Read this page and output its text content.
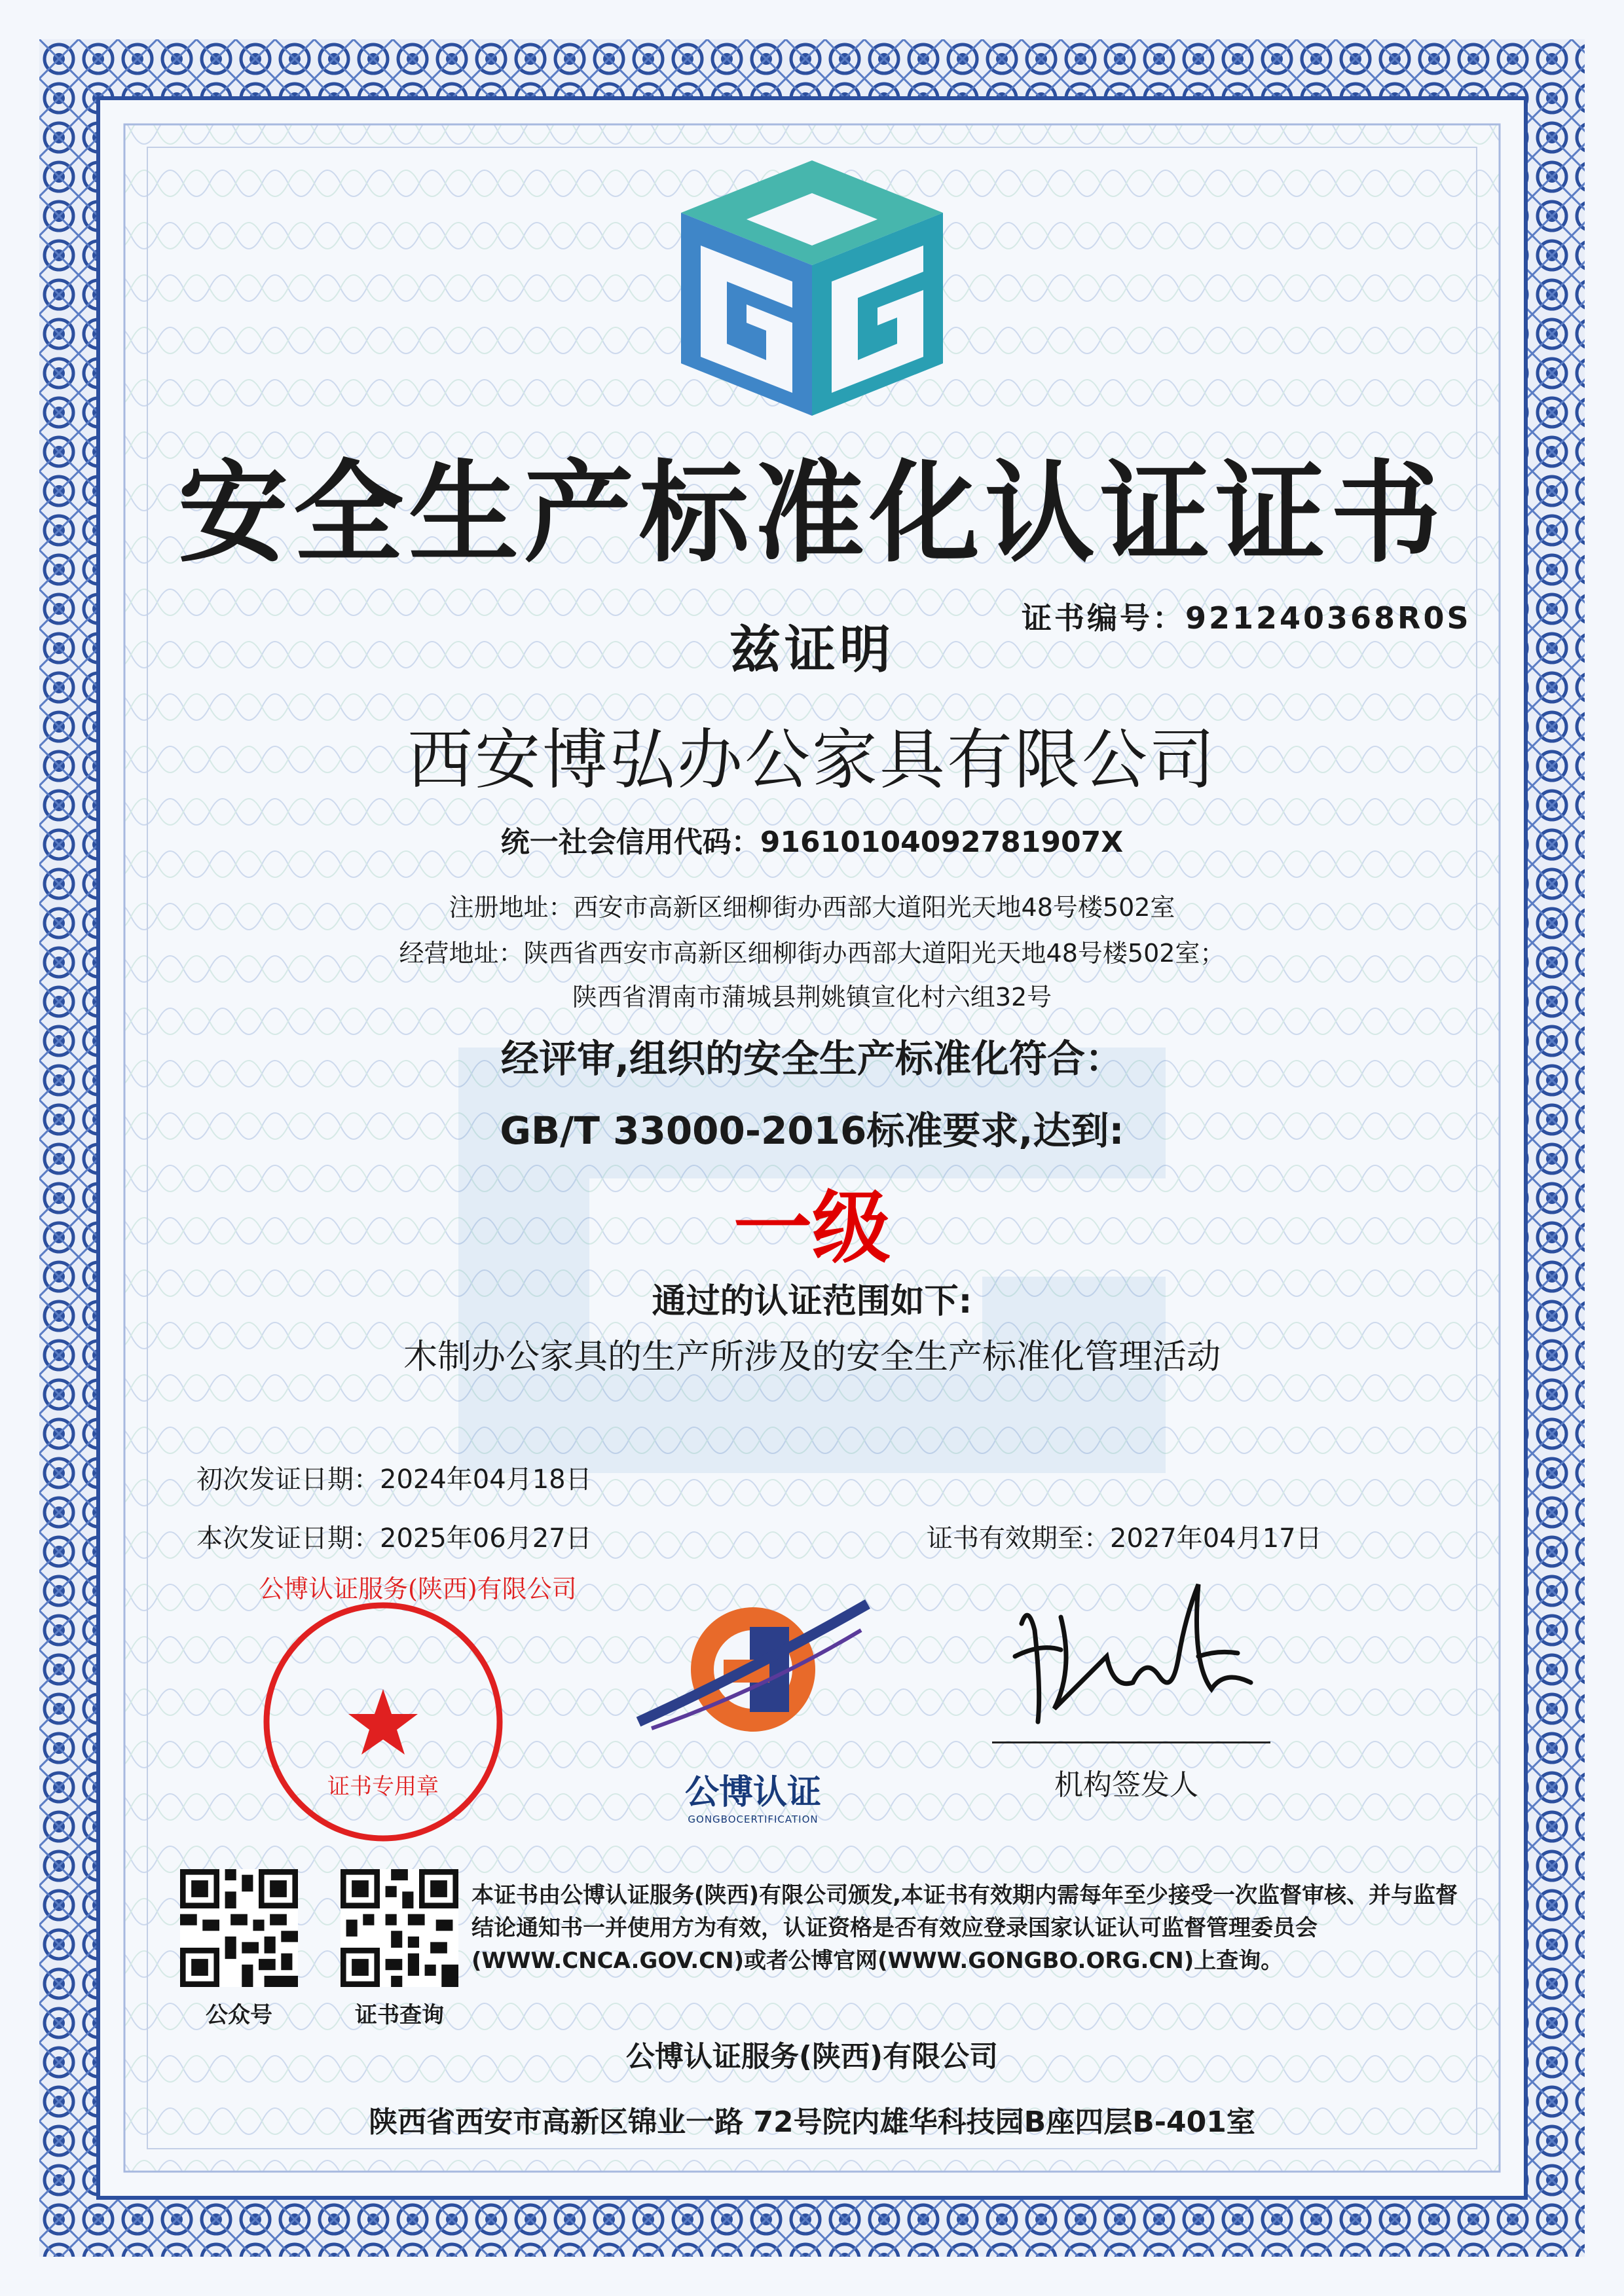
安全生产标准化认证证书
证书编号：921240368R0S
兹证明
西安博弘办公家具有限公司
统一社会信用代码：91610104092781907X
注册地址：西安市高新区细柳街办西部大道阳光天地48号楼502室
经营地址：陕西省西安市高新区细柳街办西部大道阳光天地48号楼502室；
陕西省渭南市蒲城县荆姚镇宣化村六组32号
经评审,组织的安全生产标准化符合：
GB/T 33000-2016标准要求,达到:
一级
通过的认证范围如下:
木制办公家具的生产所涉及的安全生产标准化管理活动
初次发证日期：2024年04月18日
本次发证日期：2025年06月27日	证书有效期至：2027年04月17日
公博认证服务(陕西)有限公司
证书专用章	公博认证
GONGBOCERTIFICATION
机构签发人
公众号	证书查询
本证书由公博认证服务(陕西)有限公司颁发,本证书有效期内需每年至少接受一次监督审核、并与监督结论通知书一并使用方为有效，认证资格是否有效应登录国家认证认可监督管理委员会(WWW.CNCA.GOV.CN)或者公博官网(WWW.GONGBO.ORG.CN)上查询。
公博认证服务(陕西)有限公司
陕西省西安市高新区锦业一路 72号院内雄华科技园B座四层B-401室
